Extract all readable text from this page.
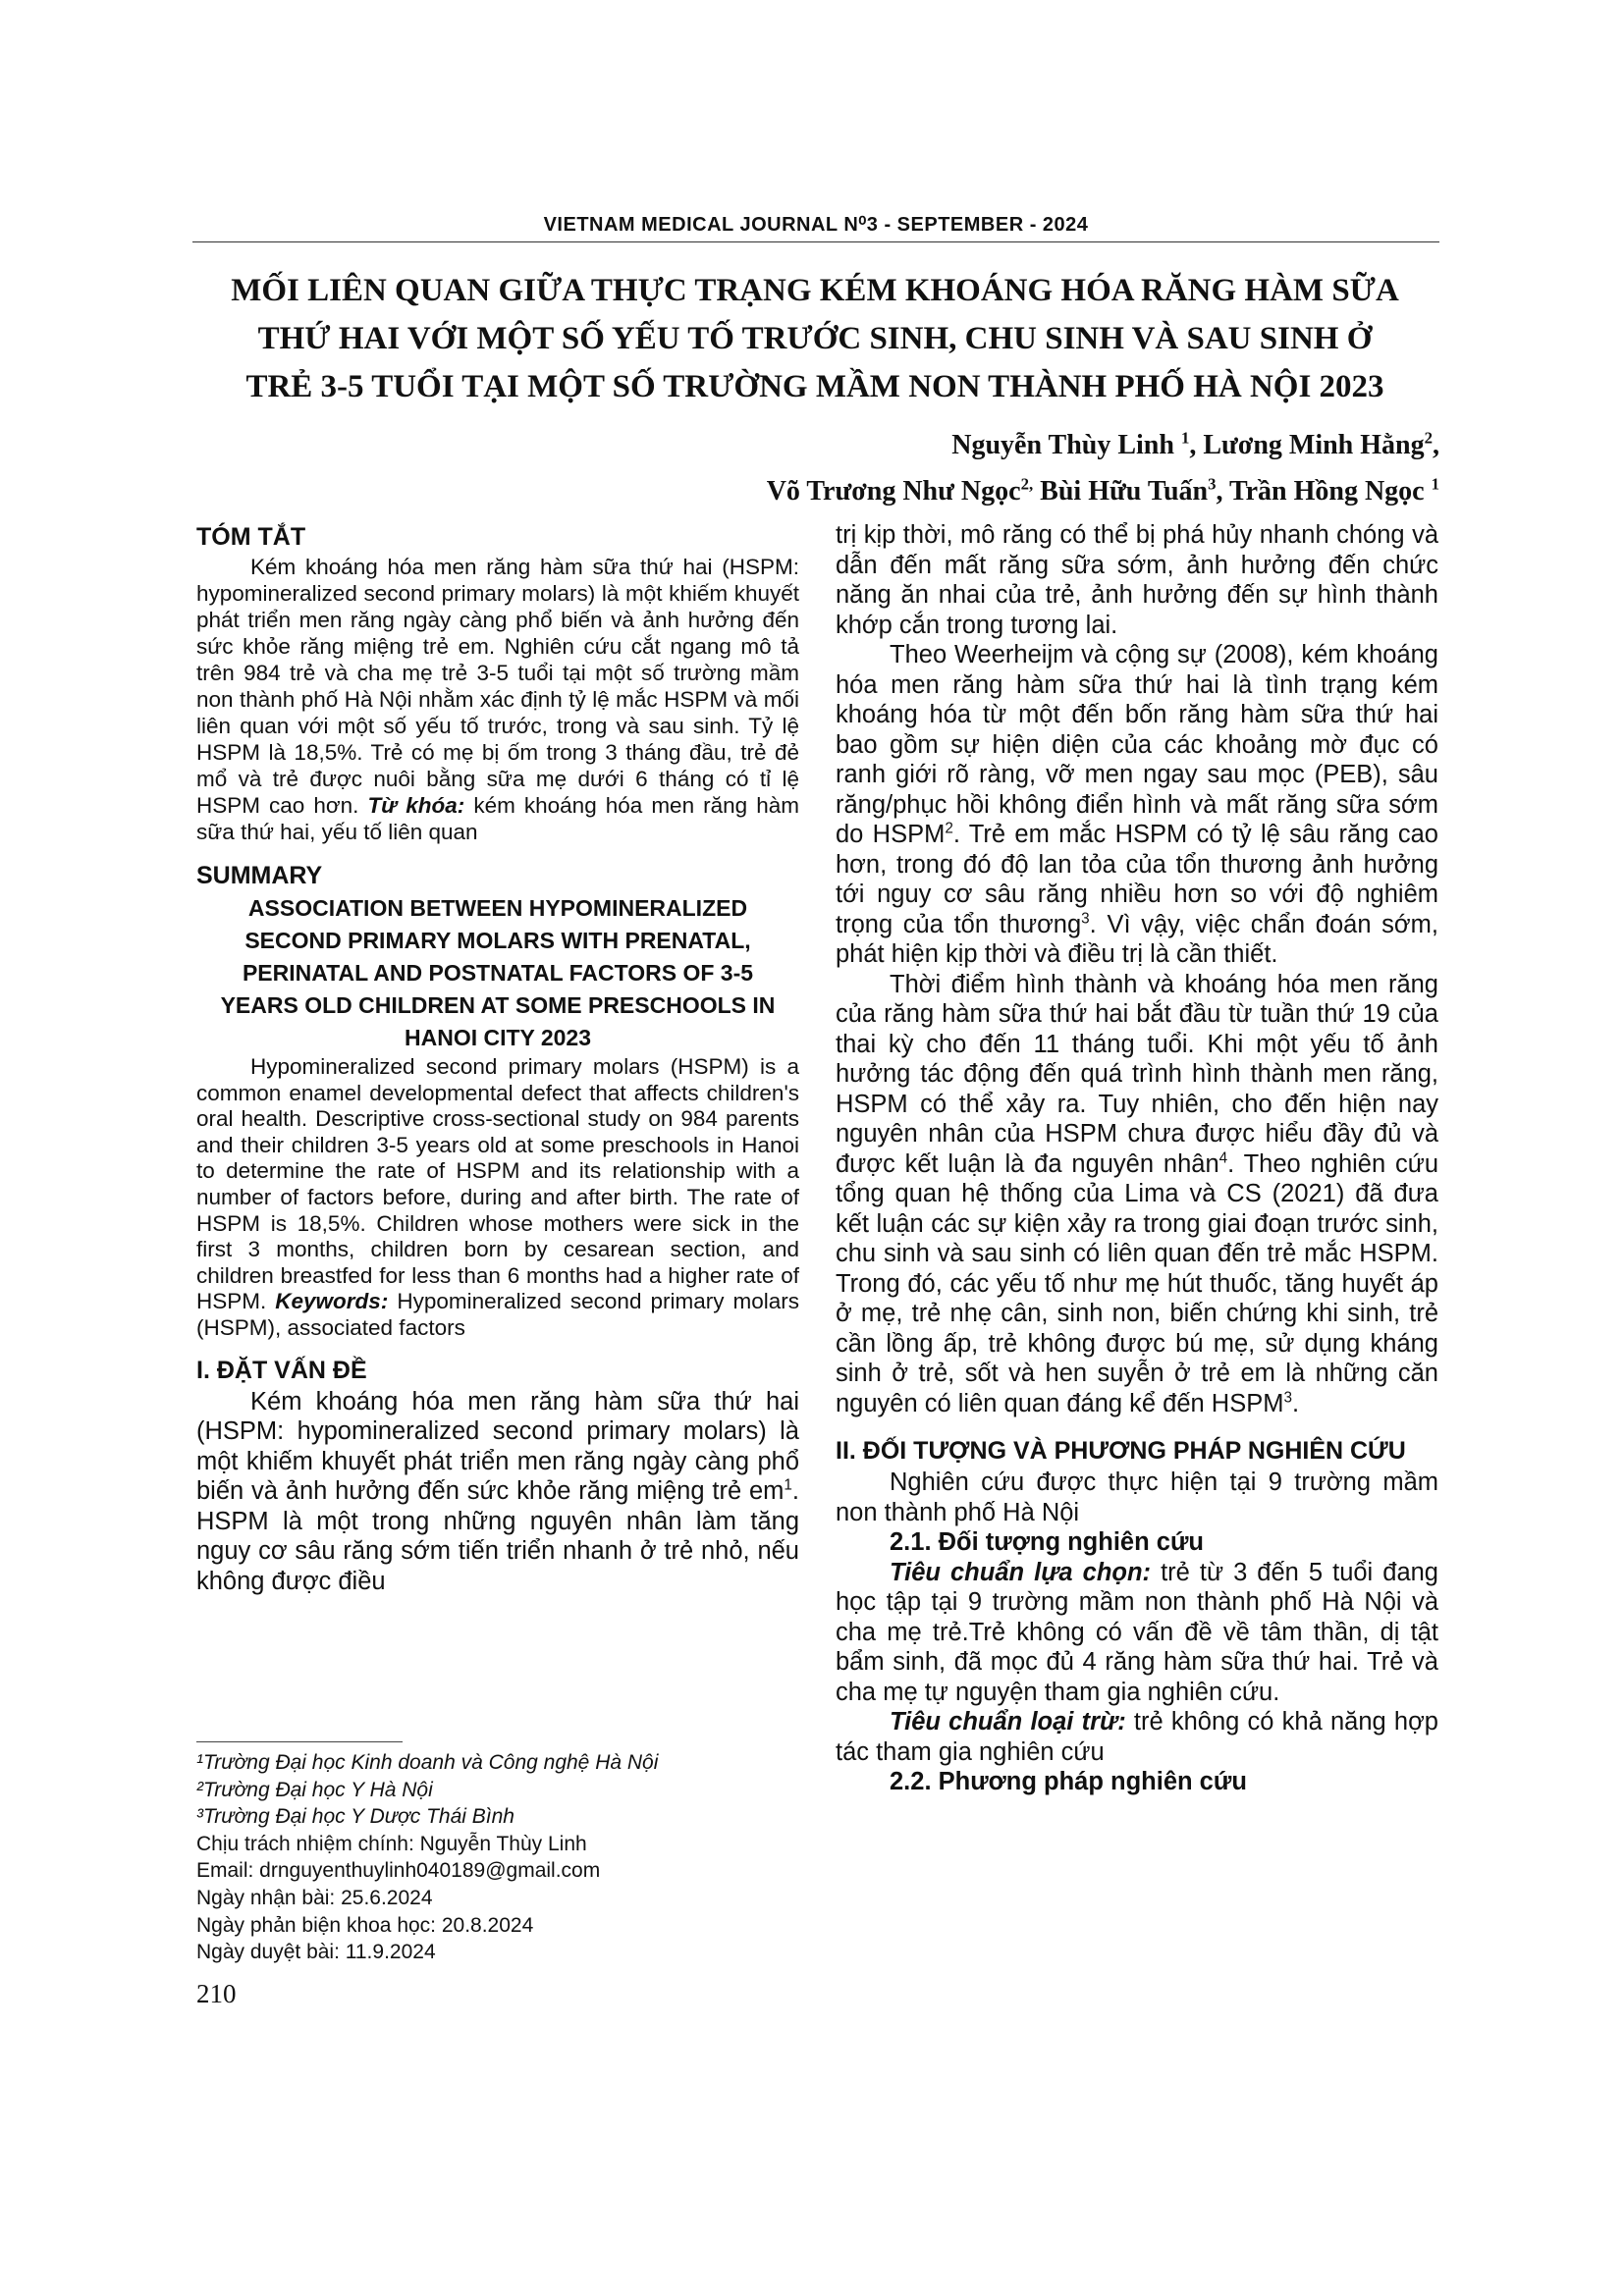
VIETNAM MEDICAL JOURNAL N⁰3 - SEPTEMBER - 2024
MỐI LIÊN QUAN GIỮA THỰC TRẠNG KÉM KHOÁNG HÓA RĂNG HÀM SỮA
THỨ HAI VỚI MỘT SỐ YẾU TỐ TRƯỚC SINH, CHU SINH VÀ SAU SINH Ở
TRẺ 3-5 TUỔI TẠI MỘT SỐ TRƯỜNG MẦM NON THÀNH PHỐ HÀ NỘI 2023
Nguyễn Thùy Linh $^1$, Lương Minh Hằng$^2$,
Võ Trương Như Ngọc$^{2,}$ Bùi Hữu Tuấn$^3$, Trần Hồng Ngọc $^1$
TÓM TẮT

Kém khoáng hóa men răng hàm sữa thứ hai (HSPM: hypomineralized second primary molars) là một khiếm khuyết phát triển men răng ngày càng phổ biến và ảnh hưởng đến sức khỏe răng miệng trẻ em. Nghiên cứu cắt ngang mô tả trên 984 trẻ và cha mẹ trẻ 3-5 tuổi tại một số trường mầm non thành phố Hà Nội nhằm xác định tỷ lệ mắc HSPM và mối liên quan với một số yếu tố trước, trong và sau sinh. Tỷ lệ HSPM là 18,5%. Trẻ có mẹ bị ốm trong 3 tháng đầu, trẻ đẻ mổ và trẻ được nuôi bằng sữa mẹ dưới 6 tháng có tỉ lệ HSPM cao hơn. Từ khóa: kém khoáng hóa men răng hàm sữa thứ hai, yếu tố liên quan

SUMMARY
ASSOCIATION BETWEEN HYPOMINERALIZED SECOND PRIMARY MOLARS WITH PRENATAL, PERINATAL AND POSTNATAL FACTORS OF 3-5 YEARS OLD CHILDREN AT SOME PRESCHOOLS IN HANOI CITY 2023

Hypomineralized second primary molars (HSPM) is a common enamel developmental defect that affects children's oral health. Descriptive cross-sectional study on 984 parents and their children 3-5 years old at some preschools in Hanoi to determine the rate of HSPM and its relationship with a number of factors before, during and after birth. The rate of HSPM is 18,5%. Children whose mothers were sick in the first 3 months, children born by cesarean section, and children breastfed for less than 6 months had a higher rate of HSPM. Keywords: Hypomineralized second primary molars (HSPM), associated factors

I. ĐẶT VẤN ĐỀ

Kém khoáng hóa men răng hàm sữa thứ hai (HSPM: hypomineralized second primary molars) là một khiếm khuyết phát triển men răng ngày càng phổ biến và ảnh hưởng đến sức khỏe răng miệng trẻ $em^1$. HSPM là một trong những nguyên nhân làm tăng nguy cơ sâu răng sớm tiến triển nhanh ở trẻ nhỏ, nếu không được điều

¹Trường Đại học Kinh doanh và Công nghệ Hà Nội
²Trường Đại học Y Hà Nội
³Trường Đại học Y Dược Thái Bình
Chịu trách nhiệm chính: Nguyễn Thùy Linh
Email: drnguyenthuylinh040189@gmail.com
Ngày nhận bài: 25.6.2024
Ngày phản biện khoa học: 20.8.2024
Ngày duyệt bài: 11.9.2024
210

trị kịp thời, mô răng có thể bị phá hủy nhanh chóng và dẫn đến mất răng sữa sớm, ảnh hưởng đến chức năng ăn nhai của trẻ, ảnh hưởng đến sự hình thành khớp cắn trong tương lai.

Theo Weerheijm và cộng sự (2008), kém khoáng hóa men răng hàm sữa thứ hai là tình trạng kém khoáng hóa từ một đến bốn răng hàm sữa thứ hai bao gồm sự hiện diện của các khoảng mờ đục có ranh giới rõ ràng, vỡ men ngay sau mọc (PEB), sâu răng/phục hồi không điển hình và mất răng sữa sớm do HSPM$^2$. Trẻ em mắc HSPM có tỷ lệ sâu răng cao hơn, trong đó độ lan tỏa của tổn thương ảnh hưởng tới nguy cơ sâu răng nhiều hơn so với độ nghiêm trọng của tổn thương$^3$. Vì vậy, việc chẩn đoán sớm, phát hiện kịp thời và điều trị là cần thiết.

Thời điểm hình thành và khoáng hóa men răng của răng hàm sữa thứ hai bắt đầu từ tuần thứ 19 của thai kỳ cho đến 11 tháng tuổi. Khi một yếu tố ảnh hưởng tác động đến quá trình hình thành men răng, HSPM có thể xảy ra. Tuy nhiên, cho đến hiện nay nguyên nhân của HSPM chưa được hiểu đầy đủ và được kết luận là đa nguyên nhân$^4$. Theo nghiên cứu tổng quan hệ thống của Lima và CS (2021) đã đưa kết luận các sự kiện xảy ra trong giai đoạn trước sinh, chu sinh và sau sinh có liên quan đến trẻ mắc HSPM. Trong đó, các yếu tố như mẹ hút thuốc, tăng huyết áp ở mẹ, trẻ nhẹ cân, sinh non, biến chứng khi sinh, trẻ cần lồng ấp, trẻ không được bú mẹ, sử dụng kháng sinh ở trẻ, sốt và hen suyễn ở trẻ em là những căn nguyên có liên quan đáng kể đến HSPM$^3$.

II. ĐỐI TƯỢNG VÀ PHƯƠNG PHÁP NGHIÊN CỨU

Nghiên cứu được thực hiện tại 9 trường mầm non thành phố Hà Nội

2.1. Đối tượng nghiên cứu

Tiêu chuẩn lựa chọn: trẻ từ 3 đến 5 tuổi đang học tập tại 9 trường mầm non thành phố Hà Nội và cha mẹ trẻ.Trẻ không có vấn đề về tâm thần, dị tật bẩm sinh, đã mọc đủ 4 răng hàm sữa thứ hai. Trẻ và cha mẹ tự nguyện tham gia nghiên cứu.

Tiêu chuẩn loại trừ: trẻ không có khả năng hợp tác tham gia nghiên cứu

2.2. Phương pháp nghiên cứu
